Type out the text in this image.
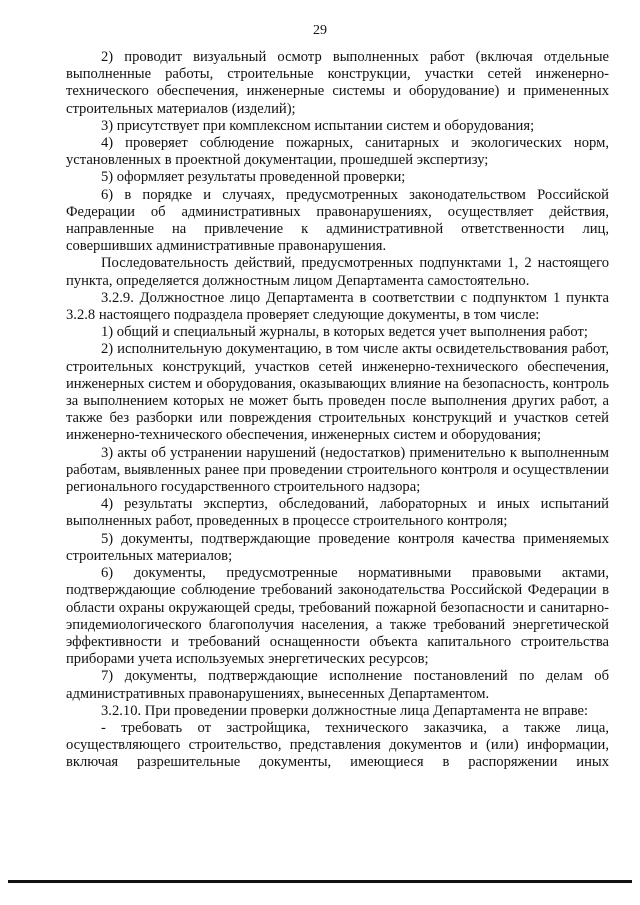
29

2) проводит визуальный осмотр выполненных работ (включая отдельные выполненные работы, строительные конструкции, участки сетей инженерно-технического обеспечения, инженерные системы и оборудование) и примененных строительных материалов (изделий);

3) присутствует при комплексном испытании систем и оборудования;

4) проверяет соблюдение пожарных, санитарных и экологических норм, установленных в проектной документации, прошедшей экспертизу;

5) оформляет результаты проведенной проверки;

6) в порядке и случаях, предусмотренных законодательством Российской Федерации об административных правонарушениях, осуществляет действия, направленные на привлечение к административной ответственности лиц, совершивших административные правонарушения.

Последовательность действий, предусмотренных подпунктами 1, 2 настоящего пункта, определяется должностным лицом Департамента самостоятельно.

3.2.9. Должностное лицо Департамента в соответствии с подпунктом 1 пункта 3.2.8 настоящего подраздела проверяет следующие документы, в том числе:

1) общий и специальный журналы, в которых ведется учет выполнения работ;

2) исполнительную документацию, в том числе акты освидетельствования работ, строительных конструкций, участков сетей инженерно-технического обеспечения, инженерных систем и оборудования, оказывающих влияние на безопасность, контроль за выполнением которых не может быть проведен после выполнения других работ, а также без разборки или повреждения строительных конструкций и участков сетей инженерно-технического обеспечения, инженерных систем и оборудования;

3) акты об устранении нарушений (недостатков) применительно к выполненным работам, выявленных ранее при проведении строительного контроля и осуществлении регионального государственного строительного надзора;

4) результаты экспертиз, обследований, лабораторных и иных испытаний выполненных работ, проведенных в процессе строительного контроля;

5) документы, подтверждающие проведение контроля качества применяемых строительных материалов;

6) документы, предусмотренные нормативными правовыми актами, подтверждающие соблюдение требований законодательства Российской Федерации в области охраны окружающей среды, требований пожарной безопасности и санитарно-эпидемиологического благополучия населения, а также требований энергетической эффективности и требований оснащенности объекта капитального строительства приборами учета используемых энергетических ресурсов;

7) документы, подтверждающие исполнение постановлений по делам об административных правонарушениях, вынесенных Департаментом.

3.2.10. При проведении проверки должностные лица Департамента не вправе:

- требовать от застройщика, технического заказчика, а также лица, осуществляющего строительство, представления документов и (или) информации, включая разрешительные документы, имеющиеся в распоряжении иных
